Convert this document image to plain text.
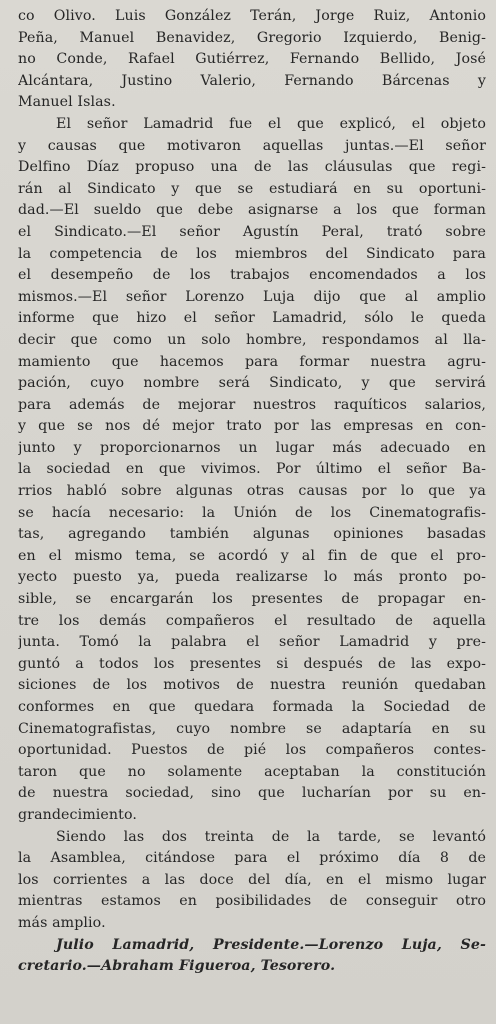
co Olivo. Luis González Terán, Jorge Ruiz, Antonio
Peña, Manuel Benavidez, Gregorio Izquierdo, Benig-
no Conde, Rafael Gutiérrez, Fernando Bellido, José
Alcántara, Justino Valerio, Fernando Bárcenas y
Manuel Islas.
El señor Lamadrid fue el que explicó, el objeto
y causas que motivaron aquellas juntas.—El señor
Delfino Díaz propuso una de las cláusulas que regi-
rán al Sindicato y que se estudiará en su oportuni-
dad.—El sueldo que debe asignarse a los que forman
el Sindicato.—El señor Agustín Peral, trató sobre
la competencia de los miembros del Sindicato para
el desempeño de los trabajos encomendados a los
mismos.—El señor Lorenzo Luja dijo que al amplio
informe que hizo el señor Lamadrid, sólo le queda
decir que como un solo hombre, respondamos al lla-
mamiento que hacemos para formar nuestra agru-
pación, cuyo nombre será Sindicato, y que servirá
para además de mejorar nuestros raquíticos salarios,
y que se nos dé mejor trato por las empresas en con-
junto y proporcionarnos un lugar más adecuado en
la sociedad en que vivimos. Por último el señor Ba-
rrios habló sobre algunas otras causas por lo que ya
se hacía necesario: la Unión de los Cinematografis-
tas, agregando también algunas opiniones basadas
en el mismo tema, se acordó y al fin de que el pro-
yecto puesto ya, pueda realizarse lo más pronto po-
sible, se encargarán los presentes de propagar en-
tre los demás compañeros el resultado de aquella
junta. Tomó la palabra el señor Lamadrid y pre-
guntó a todos los presentes si después de las expo-
siciones de los motivos de nuestra reunión quedaban
conformes en que quedara formada la Sociedad de
Cinematografistas, cuyo nombre se adaptaría en su
oportunidad. Puestos de pié los compañeros contes-
taron que no solamente aceptaban la constitución
de nuestra sociedad, sino que lucharían por su en-
grandecimiento.
Siendo las dos treinta de la tarde, se levantó
la Asamblea, citándose para el próximo día 8 de
los corrientes a las doce del día, en el mismo lugar
mientras estamos en posibilidades de conseguir otro
más amplio.
Julio Lamadrid, Presidente.—Lorenzo Luja, Se-
cretario.—Abraham Figueroa, Tesorero.
